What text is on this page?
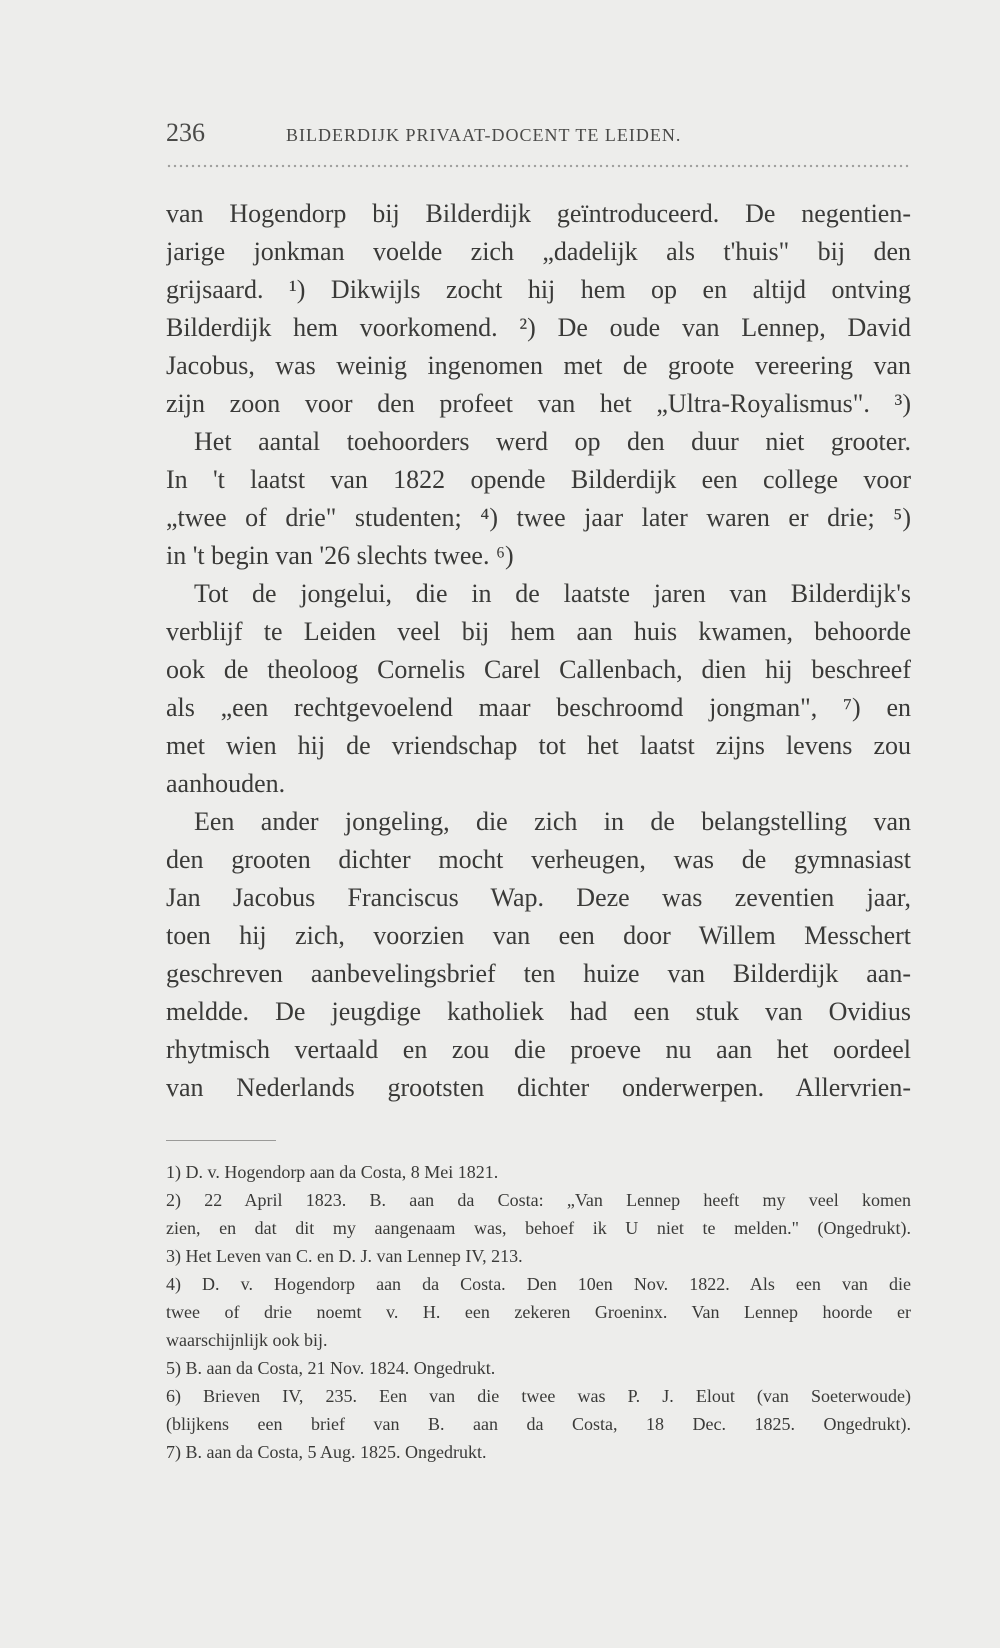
236	BILDERDIJK PRIVAAT-DOCENT TE LEIDEN.
van Hogendorp bij Bilderdijk geïntroduceerd. De negentien-
jarige jonkman voelde zich „dadelijk als t'huis" bij den
grijsaard. ¹) Dikwijls zocht hij hem op en altijd ontving
Bilderdijk hem voorkomend. ²) De oude van Lennep, David
Jacobus, was weinig ingenomen met de groote vereering van
zijn zoon voor den profeet van het „Ultra-Royalismus". ³)
Het aantal toehoorders werd op den duur niet grooter.
In 't laatst van 1822 opende Bilderdijk een college voor
„twee of drie" studenten; ⁴) twee jaar later waren er drie; ⁵)
in 't begin van '26 slechts twee. ⁶)
Tot de jongelui, die in de laatste jaren van Bilderdijk's
verblijf te Leiden veel bij hem aan huis kwamen, behoorde
ook de theoloog Cornelis Carel Callenbach, dien hij beschreef
als „een rechtgevoelend maar beschroomd jongman", ⁷) en
met wien hij de vriendschap tot het laatst zijns levens zou
aanhouden.
Een ander jongeling, die zich in de belangstelling van
den grooten dichter mocht verheugen, was de gymnasiast
Jan Jacobus Franciscus Wap. Deze was zeventien jaar,
toen hij zich, voorzien van een door Willem Messchert
geschreven aanbevelingsbrief ten huize van Bilderdijk aan-
meldde. De jeugdige katholiek had een stuk van Ovidius
rhytmisch vertaald en zou die proeve nu aan het oordeel
van Nederlands grootsten dichter onderwerpen. Allervrien-
1) D. v. Hogendorp aan da Costa, 8 Mei 1821.
2) 22 April 1823. B. aan da Costa: „Van Lennep heeft my veel komen
zien, en dat dit my aangenaam was, behoef ik U niet te melden." (Ongedrukt).
3) Het Leven van C. en D. J. van Lennep IV, 213.
4) D. v. Hogendorp aan da Costa. Den 10en Nov. 1822. Als een van die
twee of drie noemt v. H. een zekeren Groeninx. Van Lennep hoorde er
waarschijnlijk ook bij.
5) B. aan da Costa, 21 Nov. 1824. Ongedrukt.
6) Brieven IV, 235. Een van die twee was P. J. Elout (van Soeterwoude)
(blijkens een brief van B. aan da Costa, 18 Dec. 1825. Ongedrukt).
7) B. aan da Costa, 5 Aug. 1825. Ongedrukt.
